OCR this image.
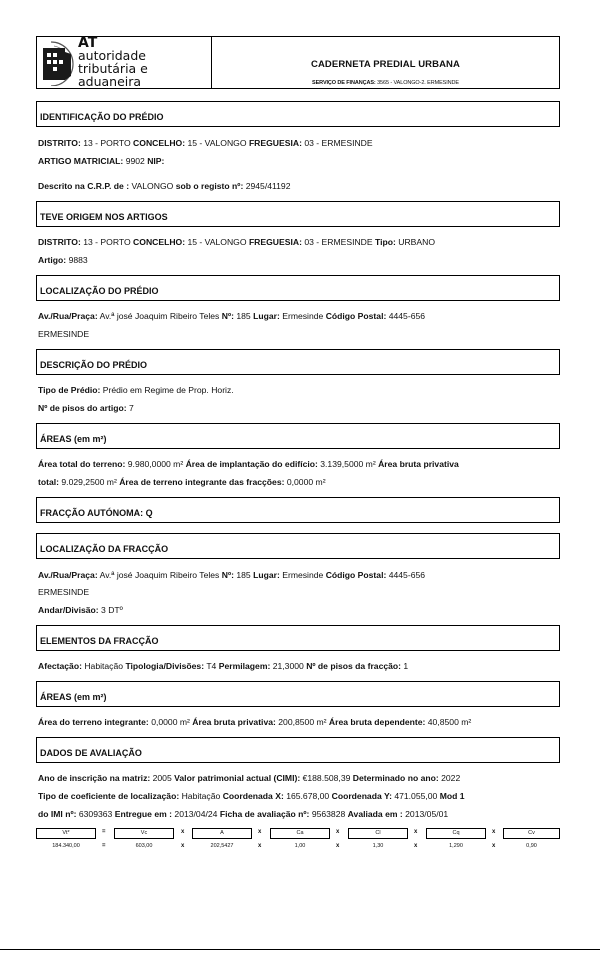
AT
autoridade
tributária e aduaneira
CADERNETA PREDIAL URBANA
SERVIÇO DE FINANÇAS: 3565 - VALONGO-2. ERMESINDE
IDENTIFICAÇÃO DO PRÉDIO
DISTRITO: 13 - PORTO CONCELHO: 15 - VALONGO FREGUESIA: 03 - ERMESINDE
ARTIGO MATRICIAL: 9902 NIP:
Descrito na C.R.P. de : VALONGO sob o registo nº: 2945/41192
TEVE ORIGEM NOS ARTIGOS
DISTRITO: 13 - PORTO CONCELHO: 15 - VALONGO FREGUESIA: 03 - ERMESINDE Tipo: URBANO
Artigo: 9883
LOCALIZAÇÃO DO PRÉDIO
Av./Rua/Praça: Av.ª josé Joaquim Ribeiro Teles Nº: 185 Lugar: Ermesinde Código Postal: 4445-656
ERMESINDE
DESCRIÇÃO DO PRÉDIO
Tipo de Prédio: Prédio em Regime de Prop. Horiz.
Nº de pisos do artigo: 7
ÁREAS (em m²)
Área total do terreno: 9.980,0000 m² Área de implantação do edifício: 3.139,5000 m² Área bruta privativa
total: 9.029,2500 m² Área de terreno integrante das fracções: 0,0000 m²
FRACÇÃO AUTÓNOMA: Q
LOCALIZAÇÃO DA FRACÇÃO
Av./Rua/Praça: Av.ª josé Joaquim Ribeiro Teles Nº: 185 Lugar: Ermesinde Código Postal: 4445-656
ERMESINDE
Andar/Divisão: 3 DTº
ELEMENTOS DA FRACÇÃO
Afectação: Habitação Tipologia/Divisões: T4 Permilagem: 21,3000 Nº de pisos da fracção: 1
ÁREAS (em m²)
Área do terreno integrante: 0,0000 m² Área bruta privativa: 200,8500 m² Área bruta dependente: 40,8500 m²
DADOS DE AVALIAÇÃO
Ano de inscrição na matriz: 2005 Valor patrimonial actual (CIMI): €188.508,39 Determinado no ano: 2022
Tipo de coeficiente de localização: Habitação Coordenada X: 165.678,00 Coordenada Y: 471.055,00 Mod 1
do IMI nº: 6309363 Entregue em : 2013/04/24 Ficha de avaliação nº: 9563828 Avaliada em : 2013/05/01
Vt*
184.340,00
=
=
Vc
603,00
x
x
A
202,5427
x
x
Ca
1,00
x
x
Cl
1,30
x
x
Cq
1,290
x
x
Cv
0,90
